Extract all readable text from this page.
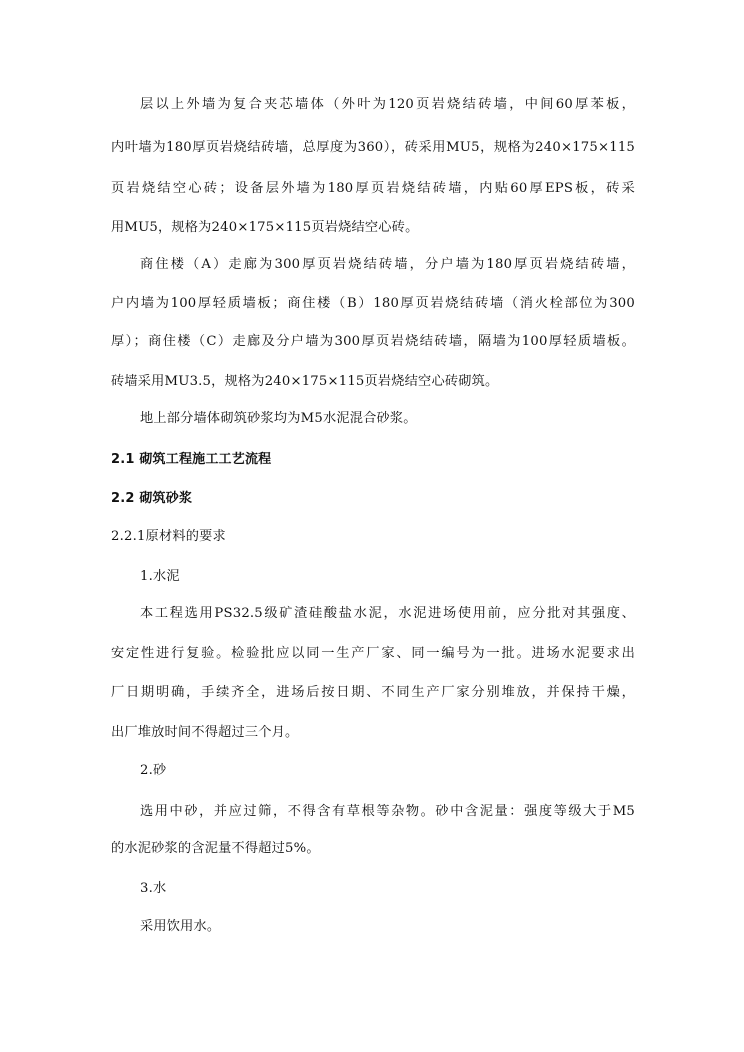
层以上外墙为复合夹芯墙体（外叶为120页岩烧结砖墙，中间60厚苯板，
内叶墙为180厚页岩烧结砖墙，总厚度为360），砖采用MU5，规格为240×175×115
页岩烧结空心砖；设备层外墙为180厚页岩烧结砖墙，内贴60厚EPS板，砖采
用MU5，规格为240×175×115页岩烧结空心砖。
商住楼（A）走廊为300厚页岩烧结砖墙，分户墙为180厚页岩烧结砖墙，
户内墙为100厚轻质墙板；商住楼（B）180厚页岩烧结砖墙（消火栓部位为300
厚）；商住楼（C）走廊及分户墙为300厚页岩烧结砖墙，隔墙为100厚轻质墙板。
砖墙采用MU3.5，规格为240×175×115页岩烧结空心砖砌筑。
地上部分墙体砌筑砂浆均为M5水泥混合砂浆。
2.1 砌筑工程施工工艺流程
2.2 砌筑砂浆
2.2.1原材料的要求
1.水泥
本工程选用PS32.5级矿渣硅酸盐水泥，水泥进场使用前，应分批对其强度、
安定性进行复验。检验批应以同一生产厂家、同一编号为一批。进场水泥要求出
厂日期明确，手续齐全，进场后按日期、不同生产厂家分别堆放，并保持干燥，
出厂堆放时间不得超过三个月。
2.砂
选用中砂，并应过筛，不得含有草根等杂物。砂中含泥量：强度等级大于M5
的水泥砂浆的含泥量不得超过5%。
3.水
采用饮用水。
